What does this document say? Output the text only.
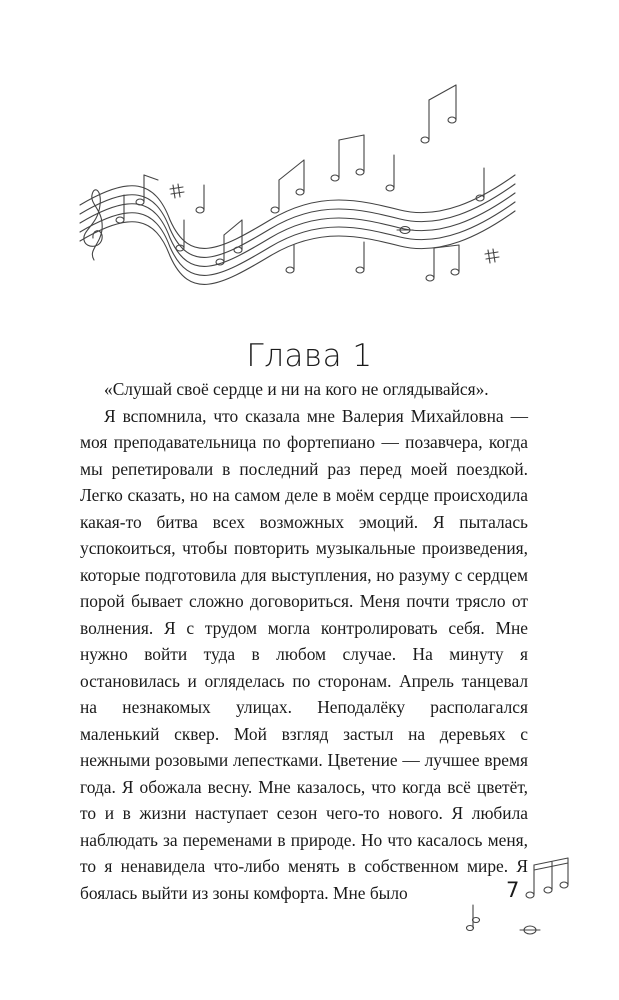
Глава 1

«Слушай своё сердце и ни на кого не оглядывайся».

Я вспомнила, что сказала мне Валерия Михайловна — моя преподавательница по фортепиано — позавчера, когда мы репетировали в последний раз перед моей поездкой. Легко сказать, но на самом деле в моём сердце происходила какая-то битва всех возможных эмоций. Я пыталась успокоиться, чтобы повторить музыкальные произведения, которые подготовила для выступления, но разуму с сердцем порой бывает сложно договориться. Меня почти трясло от волнения. Я с трудом могла контролировать себя. Мне нужно войти туда в любом случае. На минуту я остановилась и огляделась по сторонам. Апрель танцевал на незнакомых улицах. Неподалёку располагался маленький сквер. Мой взгляд застыл на деревьях с нежными розовыми лепестками. Цветение — лучшее время года. Я обожала весну. Мне казалось, что когда всё цветёт, то и в жизни наступает сезон чего-то нового. Я любила наблюдать за переменами в природе. Но что касалось меня, то я ненавидела что-либо менять в собственном мире. Я боялась выйти из зоны комфорта. Мне было	7
